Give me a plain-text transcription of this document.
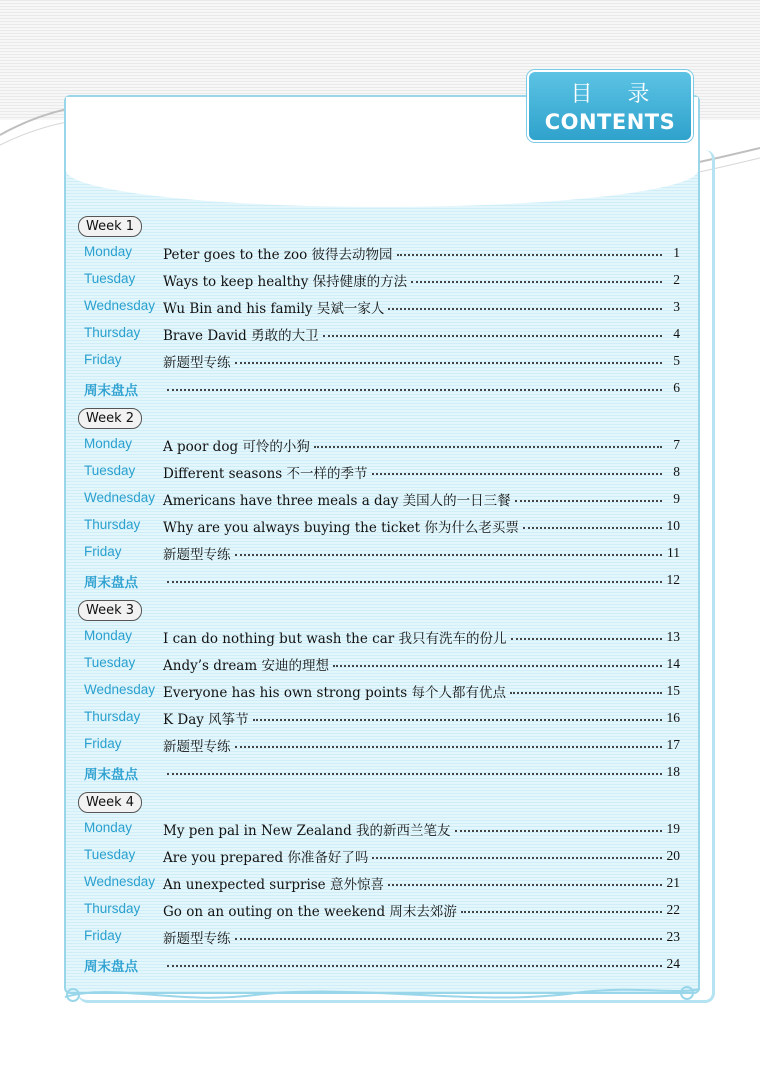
目 录
CONTENTS
Week 1
Monday Peter goes to the zoo 彼得去动物园	1
Tuesday Ways to keep healthy 保持健康的方法	2
Wednesday Wu Bin and his family 吴斌一家人	3
Thursday Brave David 勇敢的大卫	4
Friday	新题型专练	5
周末盘点	6
Week 2
Monday A poor dog 可怜的小狗	7
Tuesday Different seasons 不一样的季节	8
Wednesday Americans have three meals a day 美国人的一日三餐	9
Thursday Why are you always buying the ticket 你为什么老买票	10
Friday	新题型专练	11
周末盘点	12
Week 3
Monday I can do nothing but wash the car 我只有洗车的份儿	13
Tuesday Andy’s dream 安迪的理想	14
Wednesday Everyone has his own strong points 每个人都有优点	15
Thursday K Day 风筝节	16
Friday	新题型专练	17
周末盘点	18
Week 4
Monday My pen pal in New Zealand 我的新西兰笔友	19
Tuesday Are you prepared 你准备好了吗	20
Wednesday An unexpected surprise 意外惊喜	21
Thursday Go on an outing on the weekend 周末去郊游	22
Friday	新题型专练	23
周末盘点	24
